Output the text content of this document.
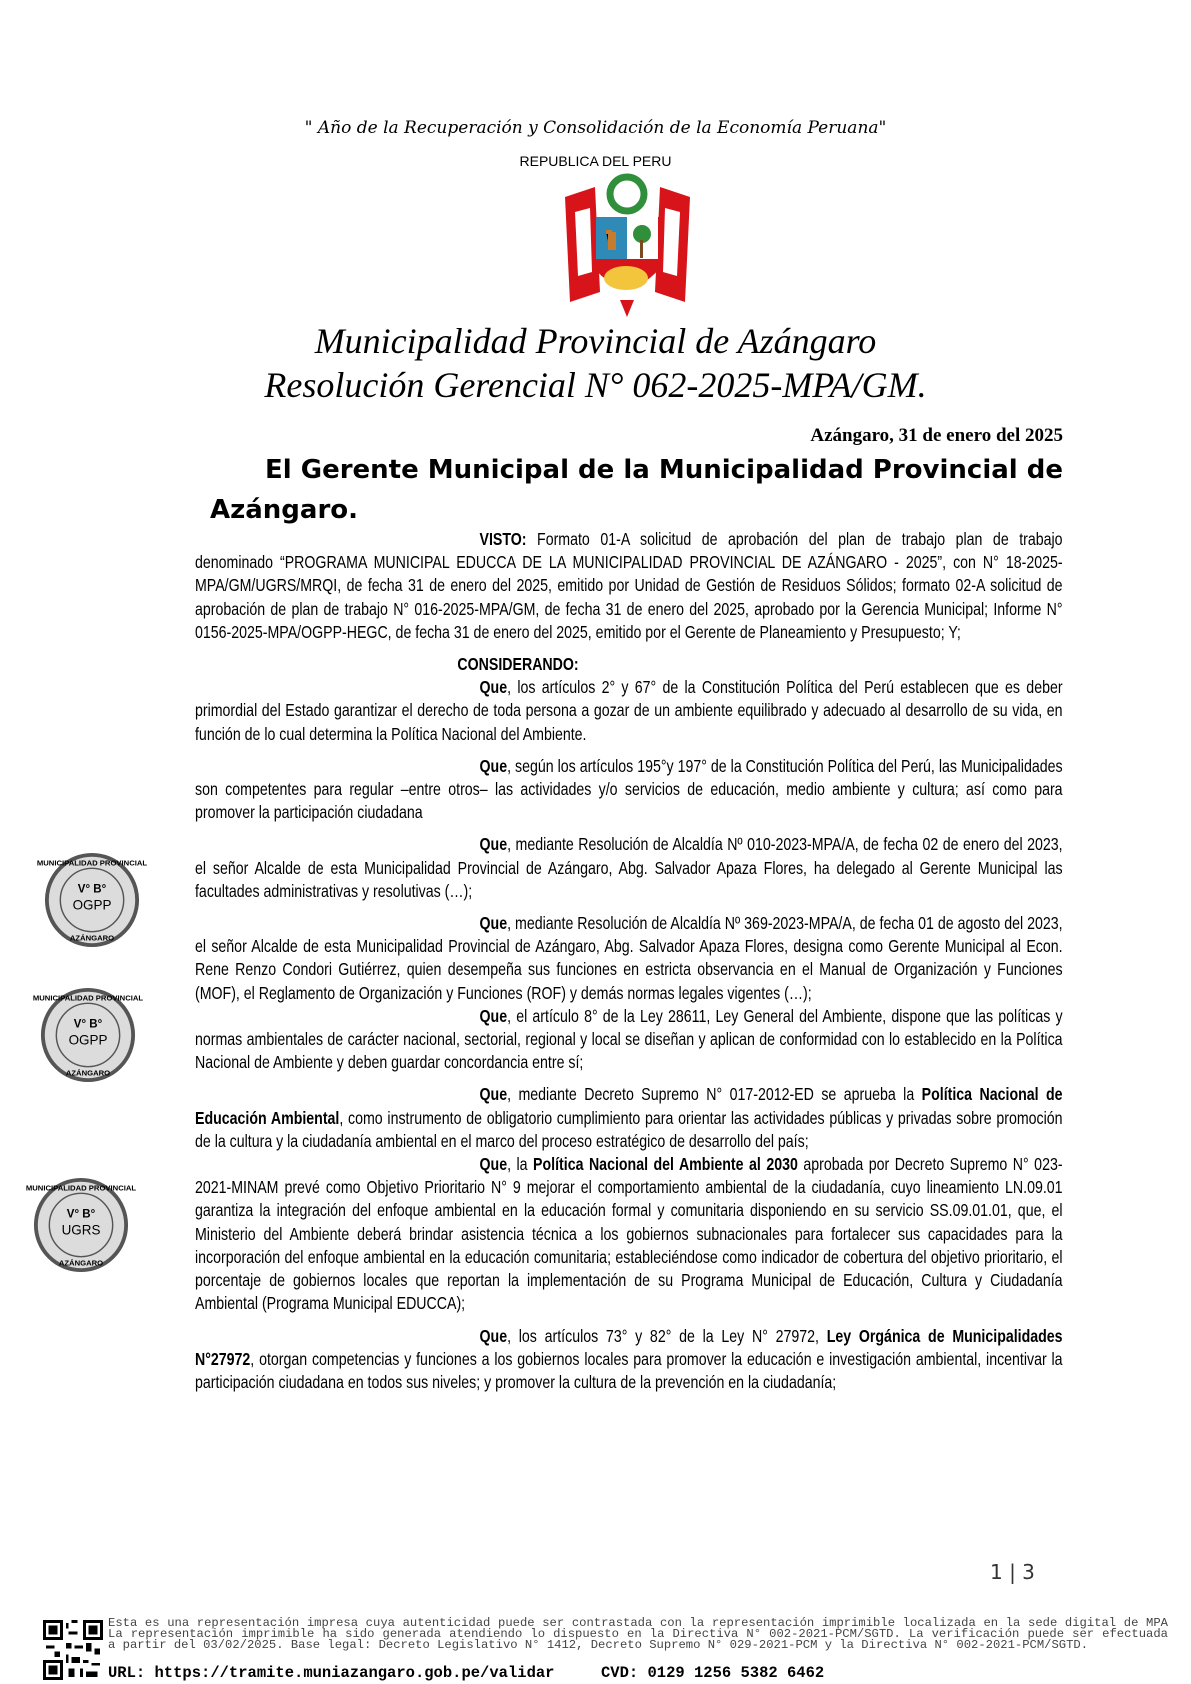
" Año de la Recuperación y Consolidación de la Economía Peruana"
REPUBLICA DEL PERU
Municipalidad Provincial de Azángaro
Resolución Gerencial N° 062-2025-MPA/GM.
Azángaro, 31 de enero del 2025
El Gerente Municipal de la Municipalidad Provincial de Azángaro.

VISTO: Formato 01-A solicitud de aprobación del plan de trabajo plan de trabajo denominado “PROGRAMA MUNICIPAL EDUCCA DE LA MUNICIPALIDAD PROVINCIAL DE AZÁNGARO - 2025”, con N° 18-2025-MPA/GM/UGRS/MRQI, de fecha 31 de enero del 2025, emitido por Unidad de Gestión de Residuos Sólidos; formato 02-A solicitud de aprobación de plan de trabajo N° 016-2025-MPA/GM, de fecha 31 de enero del 2025, aprobado por la Gerencia Municipal; Informe N° 0156-2025-MPA/OGPP-HEGC, de fecha 31 de enero del 2025, emitido por el Gerente de Planeamiento y Presupuesto; Y;

CONSIDERANDO:

Que, los artículos 2° y 67° de la Constitución Política del Perú establecen que es deber primordial del Estado garantizar el derecho de toda persona a gozar de un ambiente equilibrado y adecuado al desarrollo de su vida, en función de lo cual determina la Política Nacional del Ambiente.

Que, según los artículos 195°y 197° de la Constitución Política del Perú, las Municipalidades son competentes para regular –entre otros– las actividades y/o servicios de educación, medio ambiente y cultura; así como para promover la participación ciudadana

Que, mediante Resolución de Alcaldía Nº 010-2023-MPA/A, de fecha 02 de enero del 2023, el señor Alcalde de esta Municipalidad Provincial de Azángaro, Abg. Salvador Apaza Flores, ha delegado al Gerente Municipal las facultades administrativas y resolutivas (…);

Que, mediante Resolución de Alcaldía Nº 369-2023-MPA/A, de fecha 01 de agosto del 2023, el señor Alcalde de esta Municipalidad Provincial de Azángaro, Abg. Salvador Apaza Flores, designa como Gerente Municipal al Econ. Rene Renzo Condori Gutiérrez, quien desempeña sus funciones en estricta observancia en el Manual de Organización y Funciones (MOF), el Reglamento de Organización y Funciones (ROF) y demás normas legales vigentes (…);

Que, el artículo 8° de la Ley 28611, Ley General del Ambiente, dispone que las políticas y normas ambientales de carácter nacional, sectorial, regional y local se diseñan y aplican de conformidad con lo establecido en la Política Nacional de Ambiente y deben guardar concordancia entre sí;

Que, mediante Decreto Supremo N° 017-2012-ED se aprueba la Política Nacional de Educación Ambiental, como instrumento de obligatorio cumplimiento para orientar las actividades públicas y privadas sobre promoción de la cultura y la ciudadanía ambiental en el marco del proceso estratégico de desarrollo del país;

Que, la Política Nacional del Ambiente al 2030 aprobada por Decreto Supremo N° 023-2021-MINAM prevé como Objetivo Prioritario N° 9 mejorar el comportamiento ambiental de la ciudadanía, cuyo lineamiento LN.09.01 garantiza la integración del enfoque ambiental en la educación formal y comunitaria disponiendo en su servicio SS.09.01.01, que, el Ministerio del Ambiente deberá brindar asistencia técnica a los gobiernos subnacionales para fortalecer sus capacidades para la incorporación del enfoque ambiental en la educación comunitaria; estableciéndose como indicador de cobertura del objetivo prioritario, el porcentaje de gobiernos locales que reportan la implementación de su Programa Municipal de Educación, Cultura y Ciudadanía Ambiental (Programa Municipal EDUCCA);

Que, los artículos 73° y 82° de la Ley N° 27972, Ley Orgánica de Municipalidades N°27972, otorgan competencias y funciones a los gobiernos locales para promover la educación e investigación ambiental, incentivar la participación ciudadana en todos sus niveles; y promover la cultura de la prevención en la ciudadanía;

V° B°
OGPP
MUNICIPALIDAD PROVINCIAL
AZÁNGARO
V° B°
OGPP
MUNICIPALIDAD PROVINCIAL
AZÁNGARO
V° B°
UGRS
MUNICIPALIDAD PROVINCIAL
AZÁNGARO
1 | 3
Esta es una representación impresa cuya autenticidad puede ser contrastada con la representación imprimible localizada en la sede digital de MPA La representación imprimible ha sido generada atendiendo lo dispuesto en la Directiva N° 002-2021-PCM/SGTD. La verificación puede ser efectuada a partir del 03/02/2025. Base legal: Decreto Legislativo N° 1412, Decreto Supremo N° 029-2021-PCM y la Directiva N° 002-2021-PCM/SGTD.
URL: https://tramite.muniazangaro.gob.pe/validar     CVD: 0129 1256 5382 6462
